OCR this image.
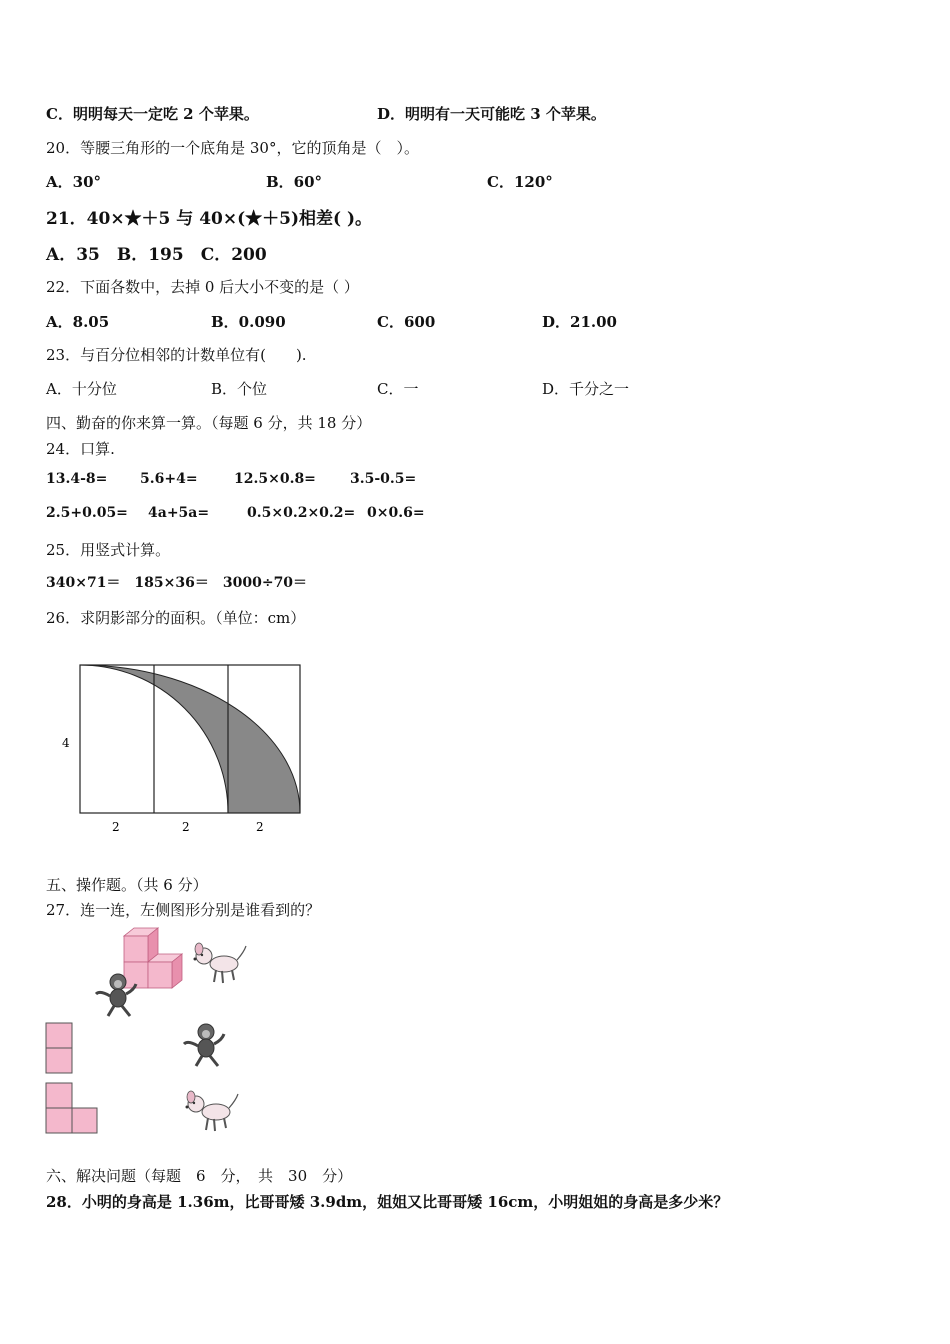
C．明明每天一定吃 2 个苹果。	D．明明有一天可能吃 3 个苹果。
20．等腰三角形的一个底角是 30°，它的顶角是（　）。
A．30°	B．60°	C．120°
21．40×★＋5 与 40×(★＋5)相差( )。
A．35　B．195　C．200
22．下面各数中，去掉 0 后大小不变的是（ ）
A．8.05	B．0.090	C．600	D．21.00
23．与百分位相邻的计数单位有(　　).
A．十分位	B．个位	C．一	D．千分之一
四、勤奋的你来算一算。（每题 6 分，共 18 分）
24．口算.
13.4-8= 5.6+4=	12.5×0.8= 3.5-0.5=
2.5+0.05= 4a+5a=	0.5×0.2×0.2= 0×0.6=
25．用竖式计算。
340×71＝　185×36＝　3000÷70＝
26．求阴影部分的面积。（单位：cm）
4
2	2	2
五、操作题。（共 6 分）
27．连一连，左侧图形分别是谁看到的？
六、解决问题（每题　6　分，　共　30　分）
28．小明的身高是 1.36m，比哥哥矮 3.9dm，姐姐又比哥哥矮 16cm，小明姐姐的身高是多少米？
